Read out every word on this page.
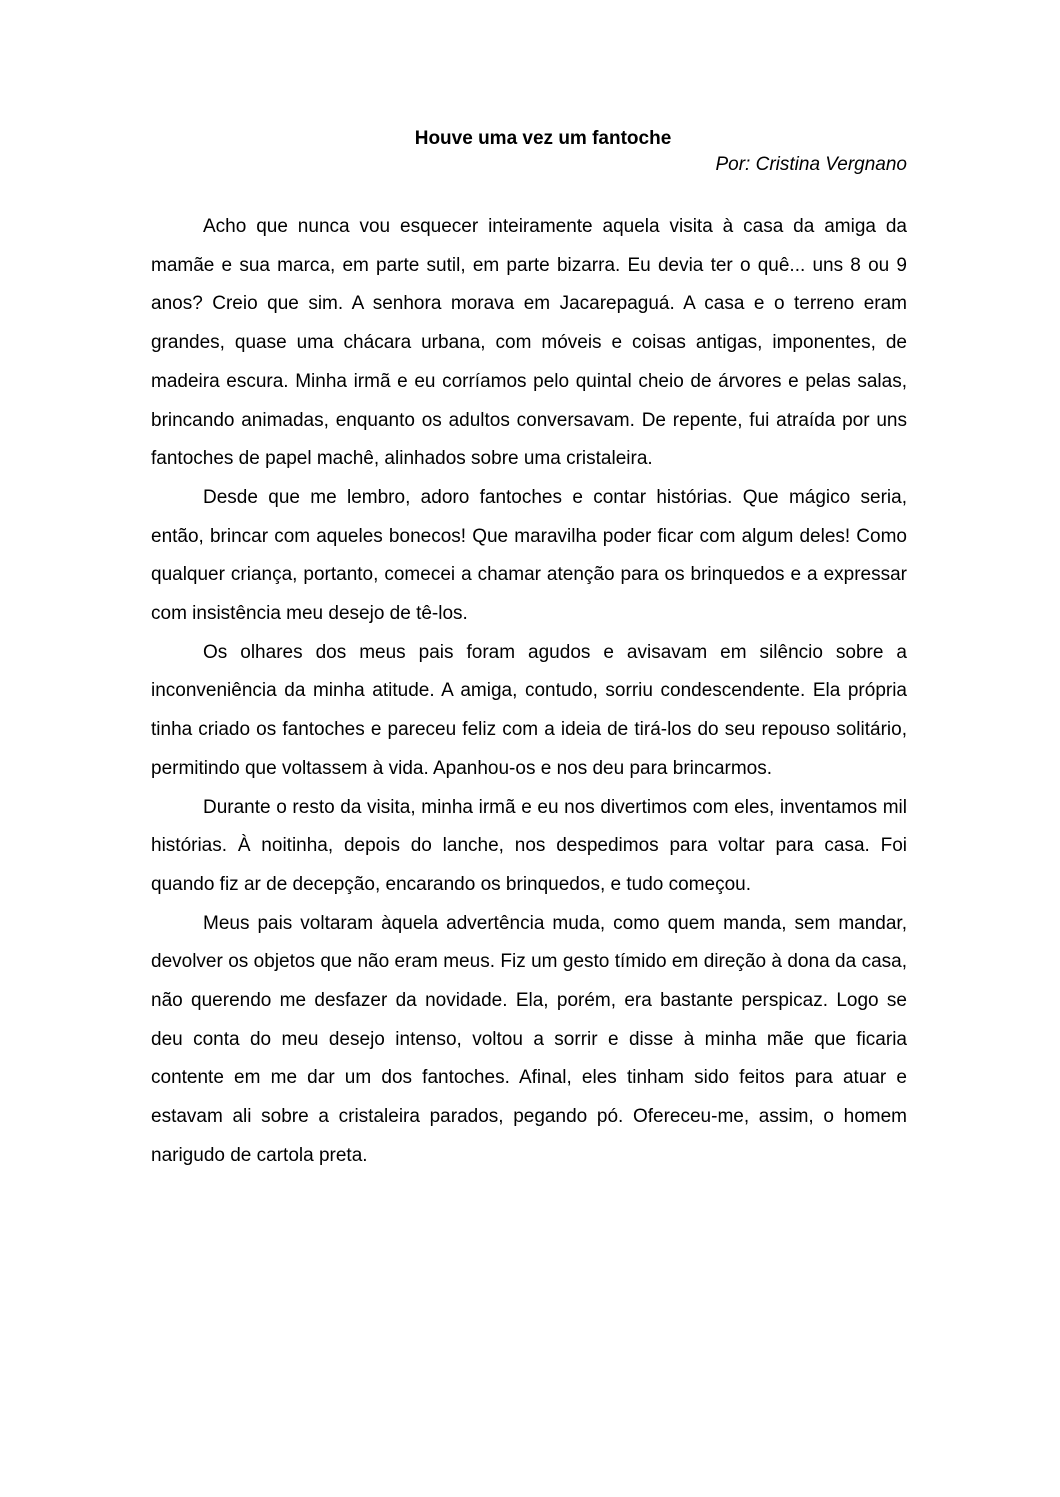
Houve uma vez um fantoche

Por: Cristina Vergnano

Acho que nunca vou esquecer inteiramente aquela visita à casa da amiga da mamãe e sua marca, em parte sutil, em parte bizarra. Eu devia ter o quê... uns 8 ou 9 anos? Creio que sim. A senhora morava em Jacarepaguá. A casa e o terreno eram grandes, quase uma chácara urbana, com móveis e coisas antigas, imponentes, de madeira escura. Minha irmã e eu corríamos pelo quintal cheio de árvores e pelas salas, brincando animadas, enquanto os adultos conversavam. De repente, fui atraída por uns fantoches de papel machê, alinhados sobre uma cristaleira.

Desde que me lembro, adoro fantoches e contar histórias. Que mágico seria, então, brincar com aqueles bonecos! Que maravilha poder ficar com algum deles! Como qualquer criança, portanto, comecei a chamar atenção para os brinquedos e a expressar com insistência meu desejo de tê-los.

Os olhares dos meus pais foram agudos e avisavam em silêncio sobre a inconveniência da minha atitude. A amiga, contudo, sorriu condescendente. Ela própria tinha criado os fantoches e pareceu feliz com a ideia de tirá-los do seu repouso solitário, permitindo que voltassem à vida. Apanhou-os e nos deu para brincarmos.

Durante o resto da visita, minha irmã e eu nos divertimos com eles, inventamos mil histórias. À noitinha, depois do lanche, nos despedimos para voltar para casa. Foi quando fiz ar de decepção, encarando os brinquedos, e tudo começou.

Meus pais voltaram àquela advertência muda, como quem manda, sem mandar, devolver os objetos que não eram meus. Fiz um gesto tímido em direção à dona da casa, não querendo me desfazer da novidade. Ela, porém, era bastante perspicaz. Logo se deu conta do meu desejo intenso, voltou a sorrir e disse à minha mãe que ficaria contente em me dar um dos fantoches. Afinal, eles tinham sido feitos para atuar e estavam ali sobre a cristaleira parados, pegando pó. Ofereceu-me, assim, o homem narigudo de cartola preta.
